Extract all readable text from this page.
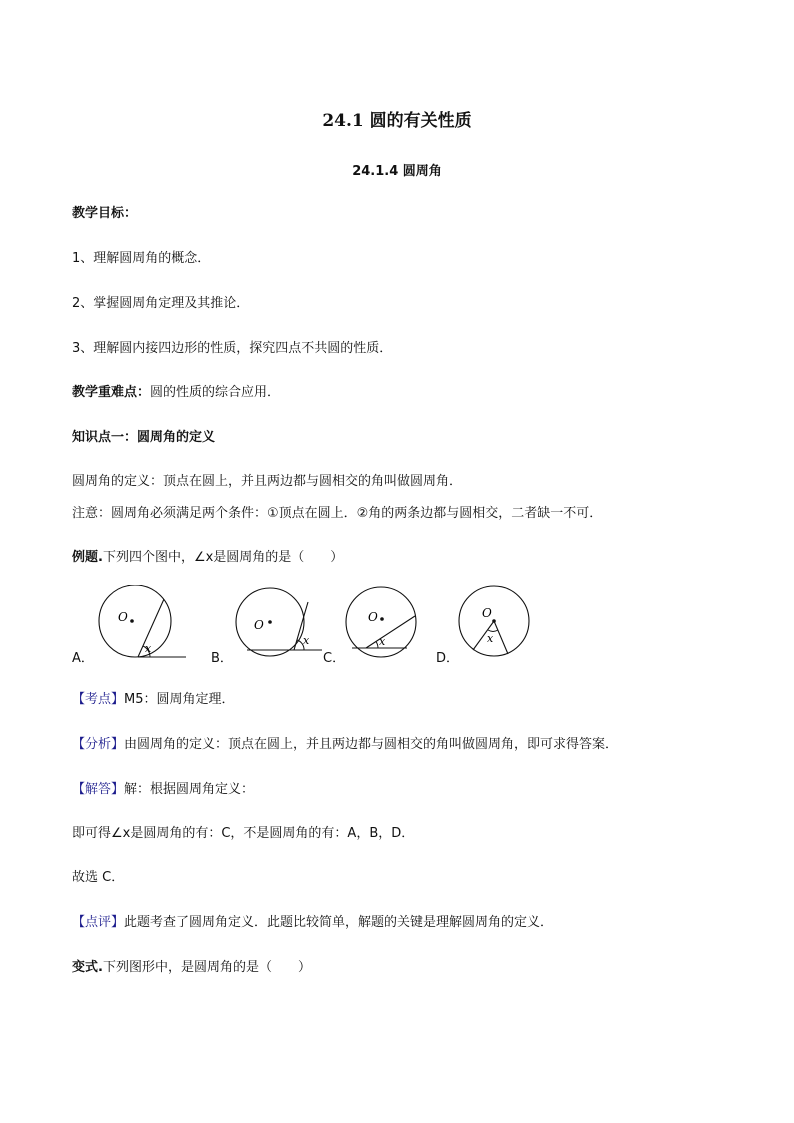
24.1 圆的有关性质
24.1.4 圆周角
教学目标：
1、理解圆周角的概念．
2、掌握圆周角定理及其推论．
3、理解圆内接四边形的性质，探究四点不共圆的性质．
教学重难点：圆的性质的综合应用．
知识点一：圆周角的定义
圆周角的定义：顶点在圆上，并且两边都与圆相交的角叫做圆周角．
注意：圆周角必须满足两个条件：①顶点在圆上．②角的两条边都与圆相交，二者缺一不可．
例题.下列四个图中，∠x是圆周角的是（　　）
A．	B．	C．	D．
O
x
O
x
O
x
O
x
【考点】M5：圆周角定理．
【分析】由圆周角的定义：顶点在圆上，并且两边都与圆相交的角叫做圆周角，即可求得答案．
【解答】解：根据圆周角定义：
即可得∠x是圆周角的有：C，不是圆周角的有：A，B，D．
故选 C．
【点评】此题考查了圆周角定义．此题比较简单，解题的关键是理解圆周角的定义．
变式.下列图形中，是圆周角的是（　　）
